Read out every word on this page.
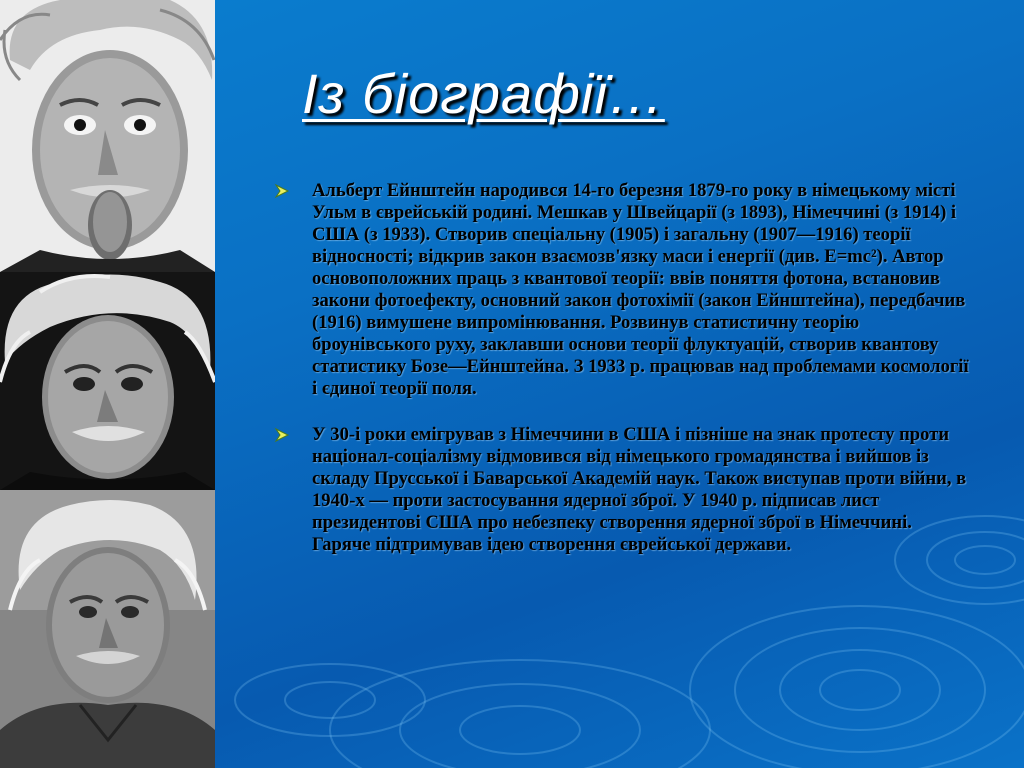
Із біографії…
Альберт Ейнштейн народився 14-го березня 1879-го року в німецькому місті Ульм в єврейській родині. Мешкав у Швейцарії (з 1893), Німеччині (з 1914) і США (з 1933). Створив спеціальну (1905) і загальну (1907—1916) теорії відносності; відкрив закон взаємозв'язку маси і енергії (див. E=mc²). Автор основоположних праць з квантової теорії: ввів поняття фотона, встановив закони фотоефекту, основний закон фотохімії (закон Ейнштейна), передбачив (1916) вимушене випромінювання. Розвинув статистичну теорію броунівського руху, заклавши основи теорії флуктуацій, створив квантову статистику Бозе—Ейнштейна. З 1933 р. працював над проблемами космології і єдиної теорії поля.
У 30-і роки емігрував з Німеччини в США і пізніше на знак протесту проти націонал-соціалізму відмовився від німецького громадянства і вийшов із складу Прусської і Баварської Академій наук. Також виступав проти війни, в 1940-х — проти застосування ядерної зброї. У 1940 р. підписав лист президентові США про небезпеку створення ядерної зброї в Німеччині. Гаряче підтримував ідею створення єврейської держави.
